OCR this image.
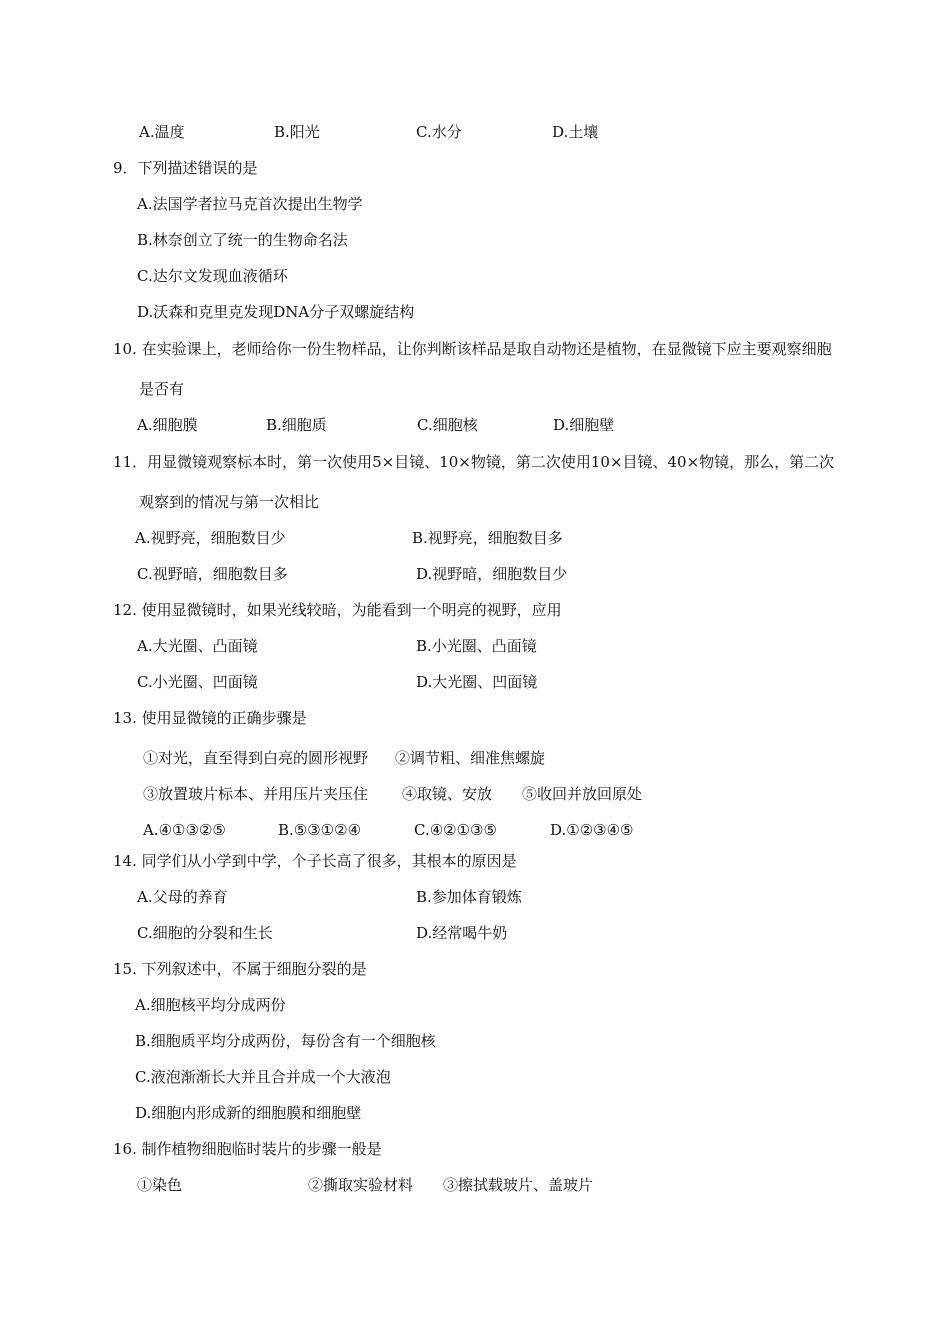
A.温度	B.阳光	C.水分	D.土壤
9．下列描述错误的是
A.法国学者拉马克首次提出生物学
B.林奈创立了统一的生物命名法
C.达尔文发现血液循环
D.沃森和克里克发现DNA分子双螺旋结构
10. 在实验课上，老师给你一份生物样品，让你判断该样品是取自动物还是植物，在显微镜下应主要观察细胞
是否有
A.细胞膜	B.细胞质	C.细胞核	D.细胞壁
11．用显微镜观察标本时，第一次使用5×目镜、10×物镜，第二次使用10×目镜、40×物镜，那么，第二次
观察到的情况与第一次相比
A.视野亮，细胞数目少	B.视野亮，细胞数目多
C.视野暗，细胞数目多	D.视野暗，细胞数目少
12. 使用显微镜时，如果光线较暗，为能看到一个明亮的视野，应用
A.大光圈、凸面镜	B.小光圈、凸面镜
C.小光圈、凹面镜	D.大光圈、凹面镜
13. 使用显微镜的正确步骤是
①对光，直至得到白亮的圆形视野 ②调节粗、细准焦螺旋
③放置玻片标本、并用压片夹压住 ④取镜、安放 ⑤收回并放回原处
A.④①③②⑤	B.⑤③①②④	C.④②①③⑤	D.①②③④⑤
14. 同学们从小学到中学，个子长高了很多，其根本的原因是
A.父母的养育	B.参加体育锻炼
C.细胞的分裂和生长	D.经常喝牛奶
15. 下列叙述中，不属于细胞分裂的是
A.细胞核平均分成两份
B.细胞质平均分成两份，每份含有一个细胞核
C.液泡渐渐长大并且合并成一个大液泡
D.细胞内形成新的细胞膜和细胞壁
16. 制作植物细胞临时装片的步骤一般是
①染色	②撕取实验材料 ③擦拭载玻片、盖玻片
